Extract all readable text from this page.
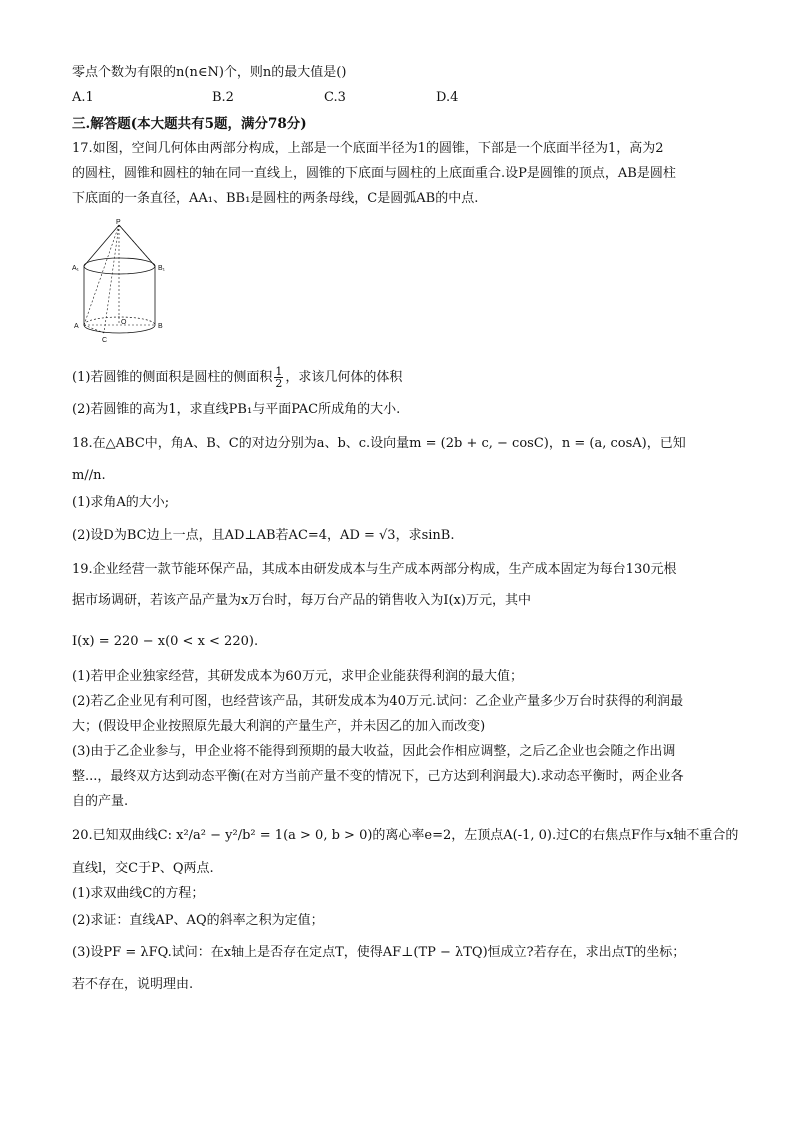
零点个数为有限的n(n∈N)个，则n的最大值是()
A.1	B.2	C.3	D.4
三.解答题(本大题共有5题，满分78分)
17.如图，空间几何体由两部分构成，上部是一个底面半径为1的圆锥，下部是一个底面半径为1，高为2
的圆柱，圆锥和圆柱的轴在同一直线上，圆锥的下底面与圆柱的上底面重合.设P是圆锥的顶点，AB是圆柱
下底面的一条直径，AA₁、BB₁是圆柱的两条母线，C是圆弧AB的中点.
P
A₁	B₁
A	B
O
C
(1)若圆锥的侧面积是圆柱的侧面积 $\frac{1}{2}$ ，求该几何体的体积
(2)若圆锥的高为1，求直线PB₁与平面PAC所成角的大小.
18.在△ABC中，角A、B、C的对边分别为a、b、c.设向量m = (2b + c, − cosC)，n = (a, cosA)，已知
m//n.
(1)求角A的大小;
(2)设D为BC边上一点，且AD⊥AB若AC=4，AD = √3，求sinB.
19.企业经营一款节能环保产品，其成本由研发成本与生产成本两部分构成，生产成本固定为每台130元根
据市场调研，若该产品产量为x万台时，每万台产品的销售收入为I(x)万元，其中
I(x) = 220 − x(0 < x < 220).
(1)若甲企业独家经营，其研发成本为60万元，求甲企业能获得利润的最大值；
(2)若乙企业见有利可图，也经营该产品，其研发成本为40万元.试问：乙企业产量多少万台时获得的利润最
大；(假设甲企业按照原先最大利润的产量生产，并未因乙的加入而改变)
(3)由于乙企业参与，甲企业将不能得到预期的最大收益，因此会作相应调整，之后乙企业也会随之作出调
整...，最终双方达到动态平衡(在对方当前产量不变的情况下，己方达到利润最大).求动态平衡时，两企业各
自的产量.
20.已知双曲线C: x²/a² − y²/b² = 1(a > 0, b > 0)的离心率e=2，左顶点A(-1, 0).过C的右焦点F作与x轴不重合的
直线l，交C于P、Q两点.
(1)求双曲线C的方程；
(2)求证：直线AP、AQ的斜率之积为定值；
(3)设PF = λFQ.试问：在x轴上是否存在定点T，使得AF⊥(TP − λTQ)恒成立?若存在，求出点T的坐标；
若不存在，说明理由.
